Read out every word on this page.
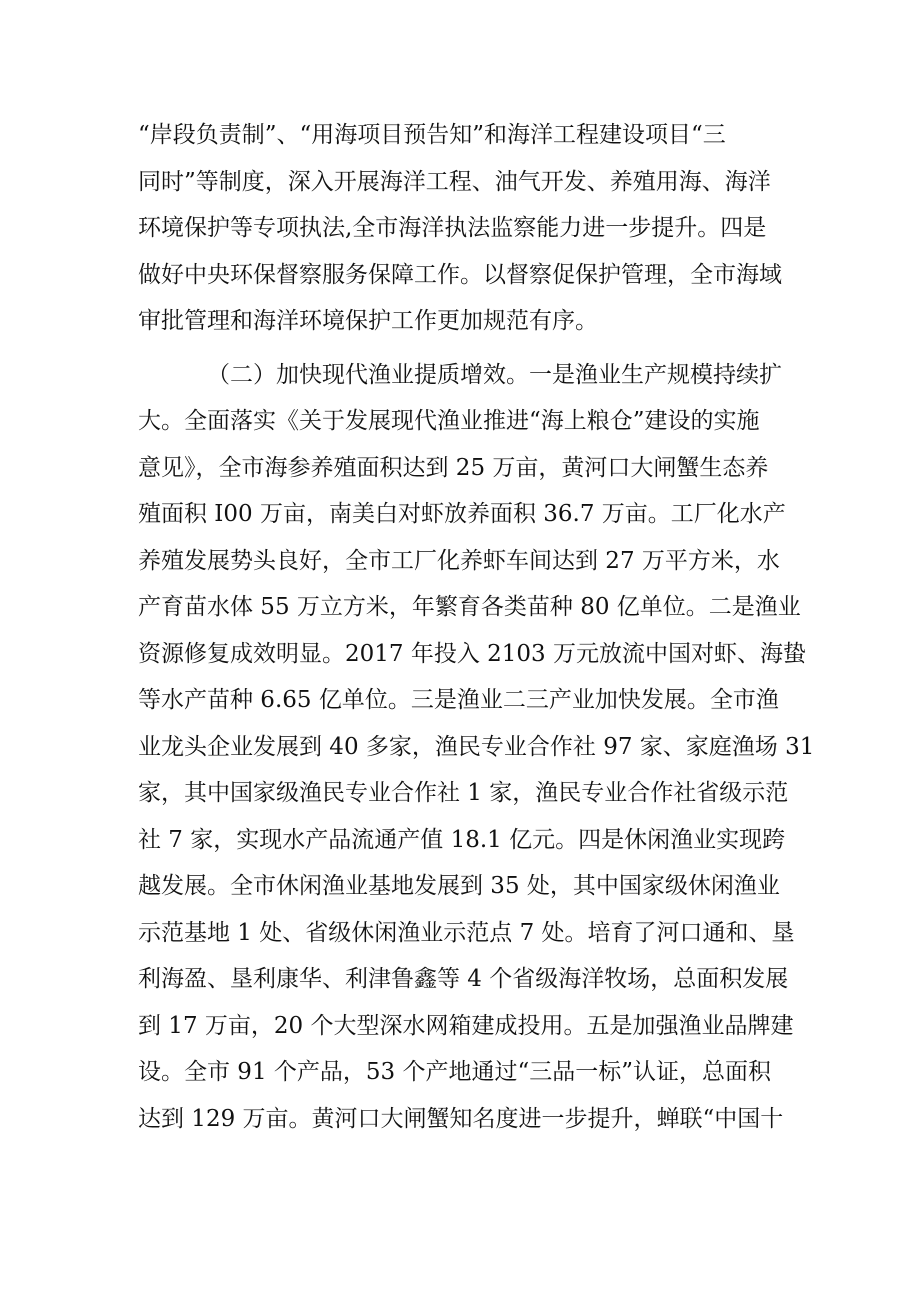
“岸段负责制”、“用海项目预告知”和海洋工程建设项目“三
同时”等制度，深入开展海洋工程、油气开发、养殖用海、海洋
环境保护等专项执法,全市海洋执法监察能力进一步提升。四是
做好中央环保督察服务保障工作。以督察促保护管理，全市海域
审批管理和海洋环境保护工作更加规范有序。
（二）加快现代渔业提质增效。一是渔业生产规模持续扩
大。全面落实《关于发展现代渔业推进“海上粮仓”建设的实施
意见》，全市海参养殖面积达到 25 万亩，黄河口大闸蟹生态养
殖面积 I00 万亩，南美白对虾放养面积 36.7 万亩。工厂化水产
养殖发展势头良好，全市工厂化养虾车间达到 27 万平方米，水
产育苗水体 55 万立方米，年繁育各类苗种 80 亿单位。二是渔业
资源修复成效明显。2017 年投入 2103 万元放流中国对虾、海蛰
等水产苗种 6.65 亿单位。三是渔业二三产业加快发展。全市渔
业龙头企业发展到 40 多家，渔民专业合作社 97 家、家庭渔场 31
家，其中国家级渔民专业合作社 1 家，渔民专业合作社省级示范
社 7 家，实现水产品流通产值 18.1 亿元。四是休闲渔业实现跨
越发展。全市休闲渔业基地发展到 35 处，其中国家级休闲渔业
示范基地 1 处、省级休闲渔业示范点 7 处。培育了河口通和、垦
利海盈、垦利康华、利津鲁鑫等 4 个省级海洋牧场，总面积发展
到 17 万亩，20 个大型深水网箱建成投用。五是加强渔业品牌建
设。全市 91 个产品，53 个产地通过“三品一标”认证，总面积
达到 129 万亩。黄河口大闸蟹知名度进一步提升，蝉联“中国十
